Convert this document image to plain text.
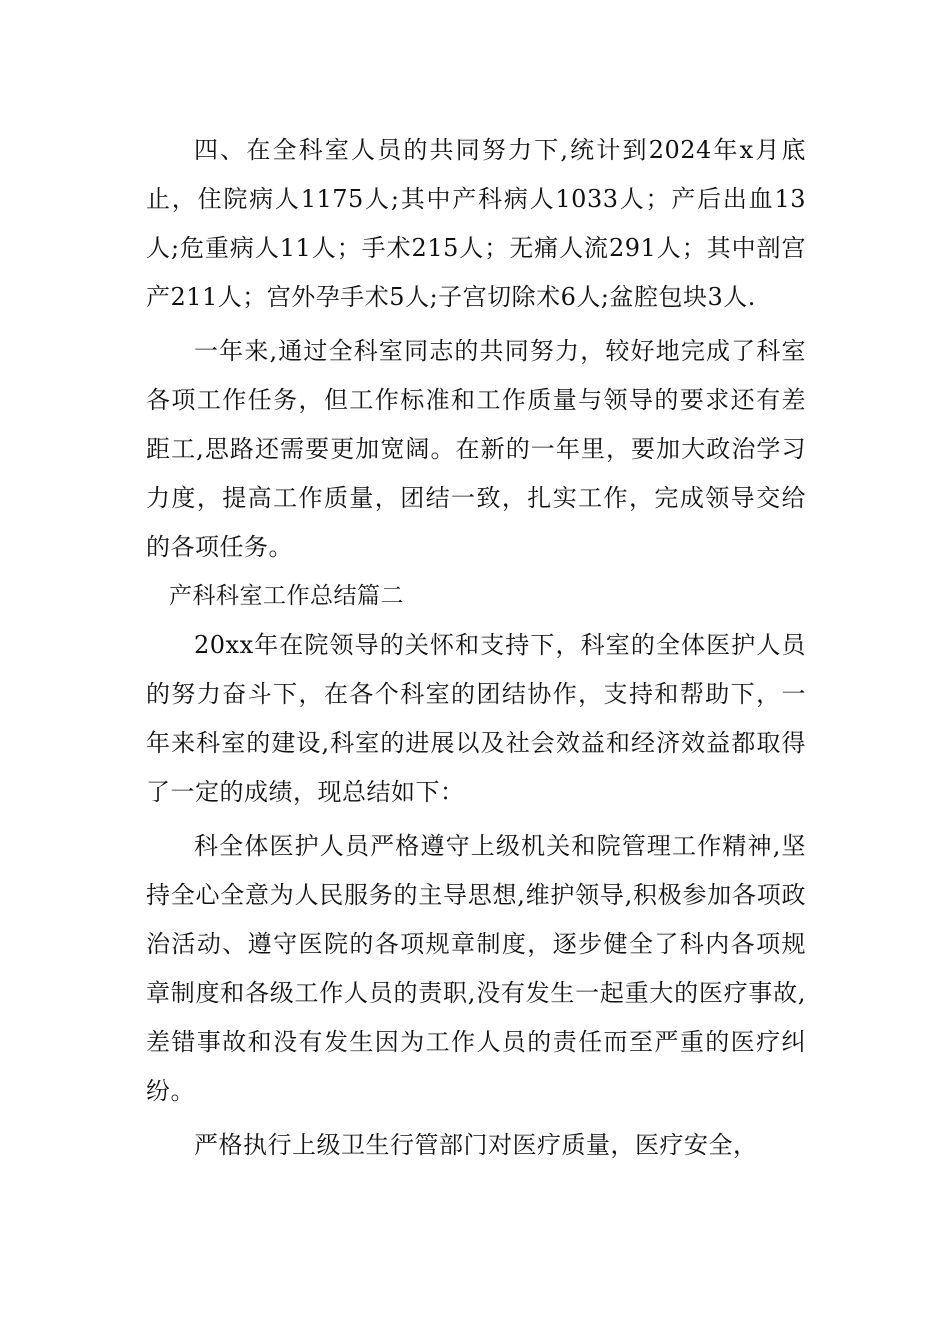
四、在全科室人员的共同努力下,统计到2024年x月底止，住院病人1175人;其中产科病人1033人；产后出血13人;危重病人11人；手术215人；无痛人流291人；其中剖宫产211人；宫外孕手术5人;子宫切除术6人;盆腔包块3人.

一年来,通过全科室同志的共同努力，较好地完成了科室各项工作任务，但工作标准和工作质量与领导的要求还有差距工,思路还需要更加宽阔。在新的一年里，要加大政治学习力度，提高工作质量，团结一致，扎实工作，完成领导交给的各项任务。

产科科室工作总结篇二

20xx年在院领导的关怀和支持下，科室的全体医护人员的努力奋斗下，在各个科室的团结协作，支持和帮助下，一年来科室的建设,科室的进展以及社会效益和经济效益都取得了一定的成绩，现总结如下：

科全体医护人员严格遵守上级机关和院管理工作精神,坚持全心全意为人民服务的主导思想,维护领导,积极参加各项政治活动、遵守医院的各项规章制度，逐步健全了科内各项规章制度和各级工作人员的责职,没有发生一起重大的医疗事故,差错事故和没有发生因为工作人员的责任而至严重的医疗纠纷。

严格执行上级卫生行管部门对医疗质量，医疗安全，
